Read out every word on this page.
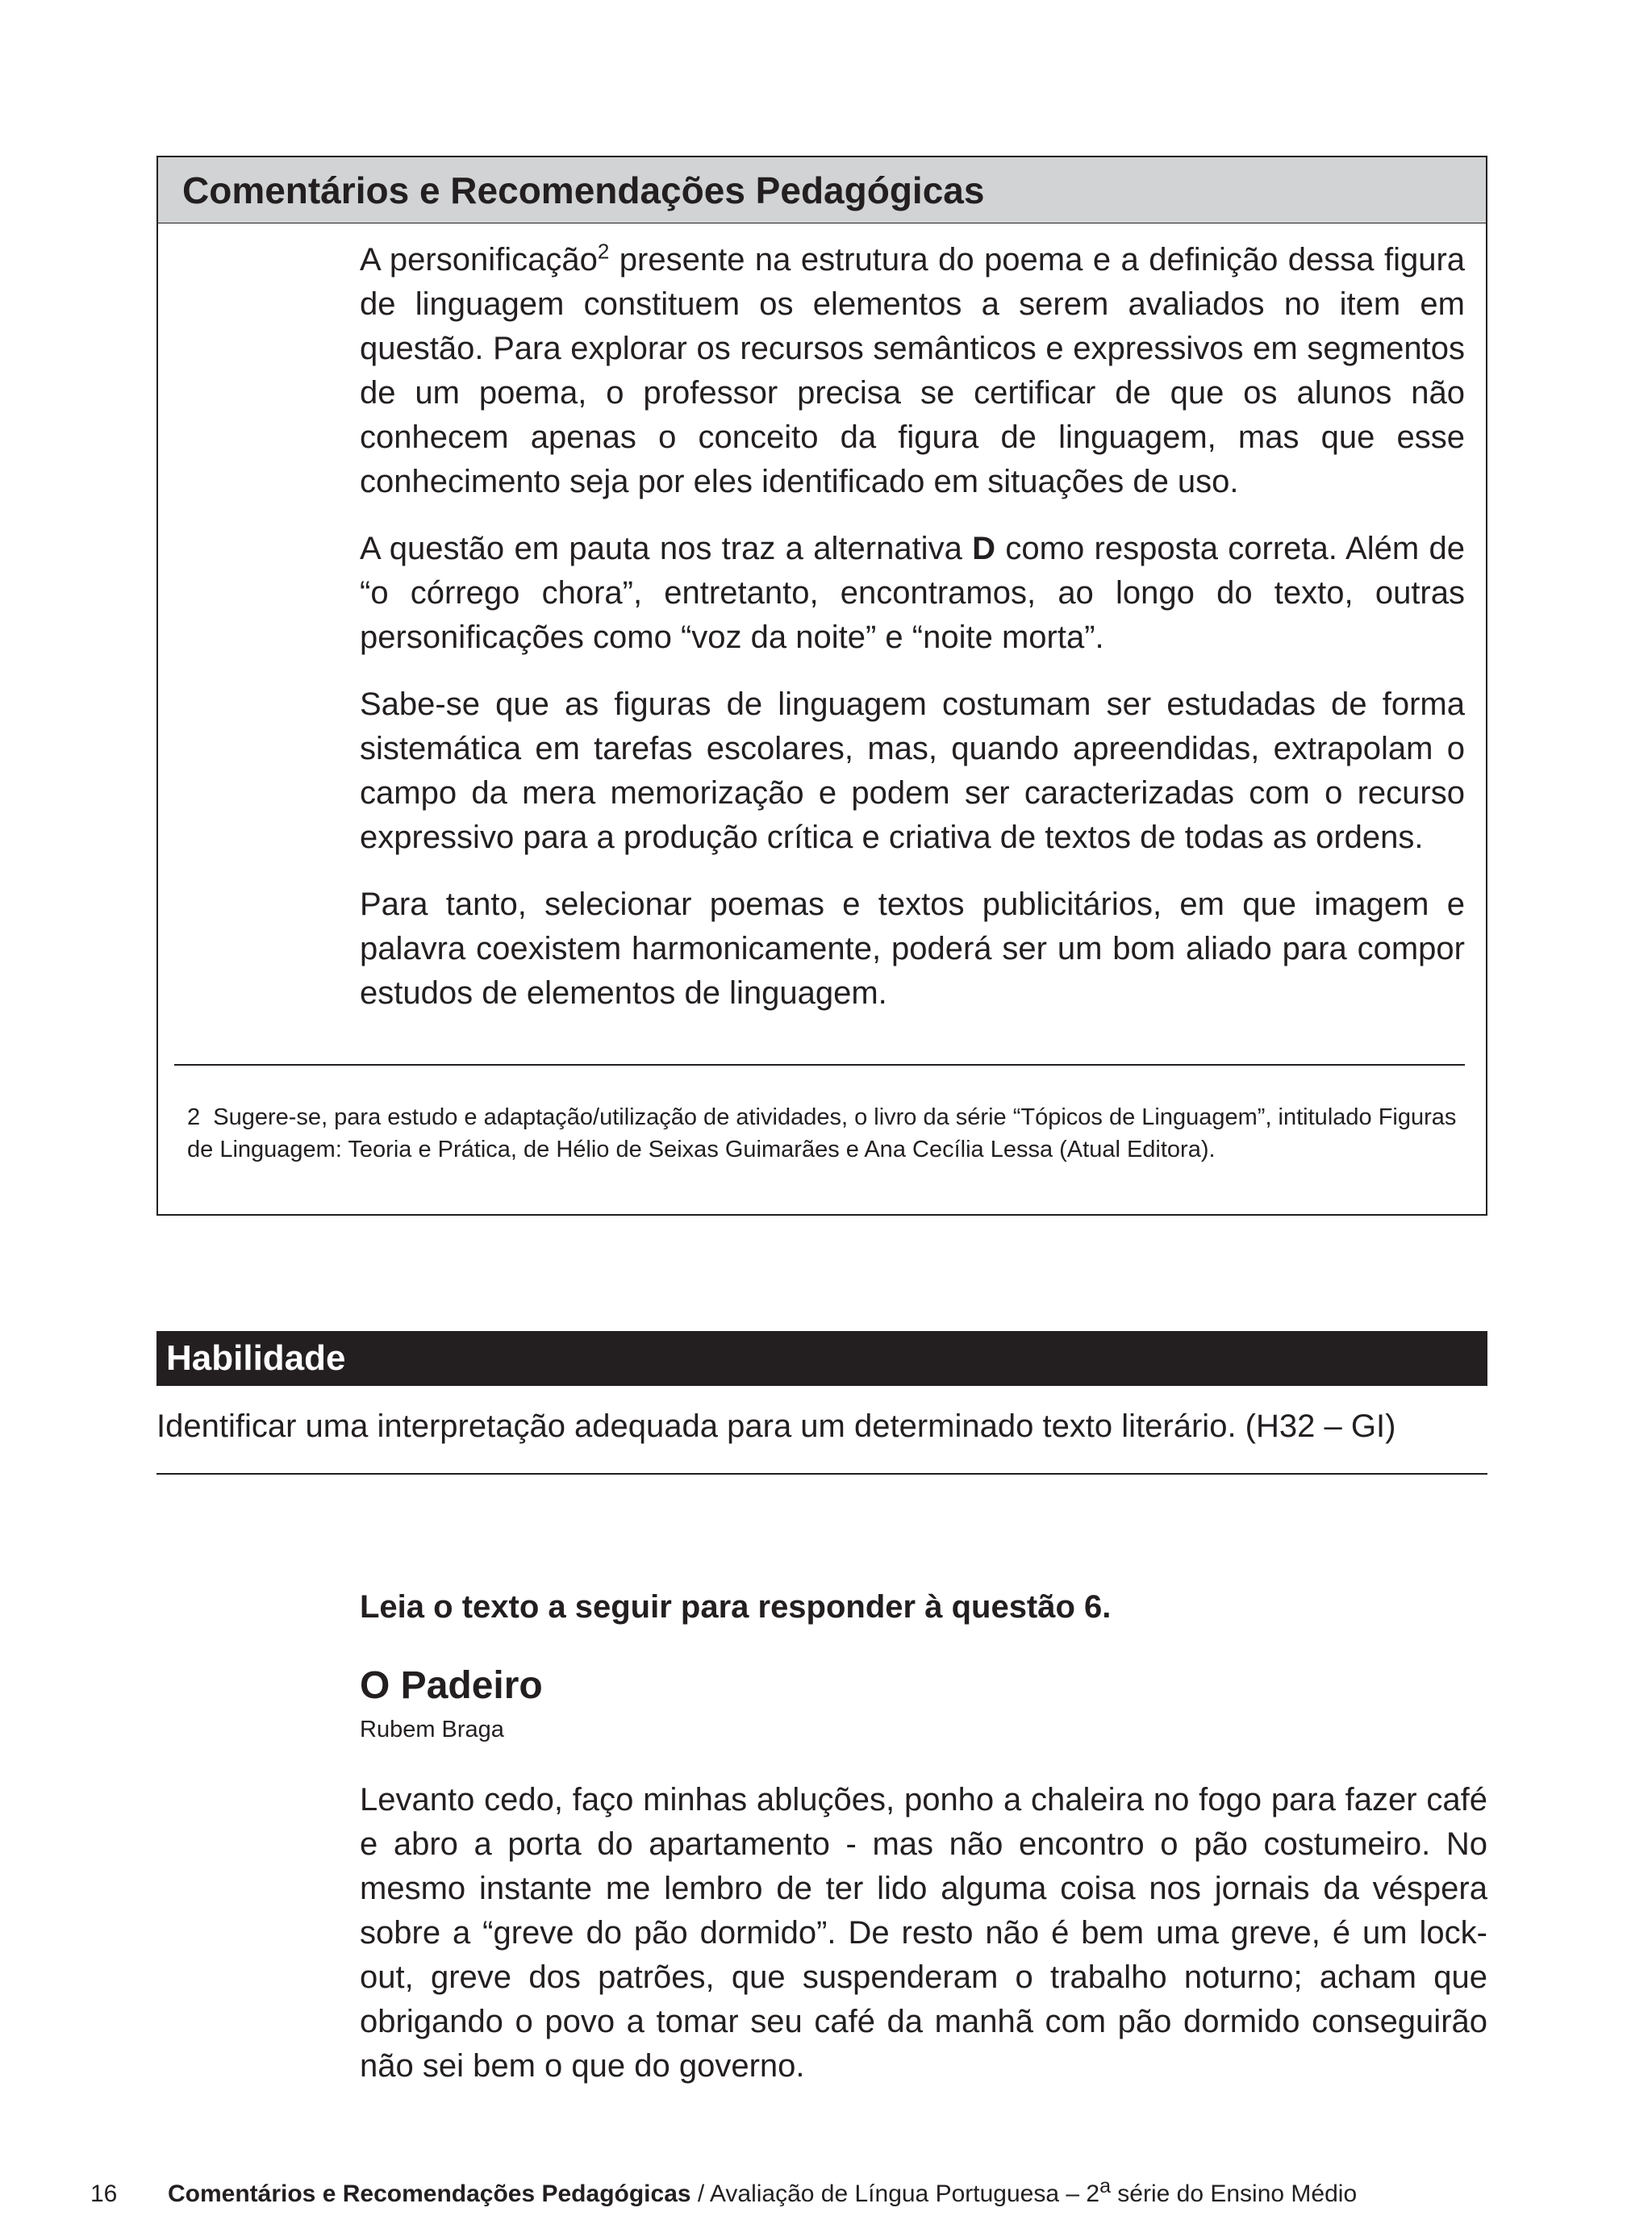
Comentários e Recomendações Pedagógicas

A personificação$^2$ presente na estrutura do poema e a definição dessa figura de linguagem constituem os elementos a serem avaliados no item em questão. Para explorar os recursos semânticos e expressivos em segmentos de um poema, o professor precisa se certificar de que os alunos não conhecem apenas o conceito da figura de linguagem, mas que esse conhecimento seja por eles identificado em situações de uso.

A questão em pauta nos traz a alternativa D como resposta correta. Além de “o córrego chora”, entretanto, encontramos, ao longo do texto, outras personificações como “voz da noite” e “noite morta”.

Sabe-se que as figuras de linguagem costumam ser estudadas de forma sistemática em tarefas escolares, mas, quando apreendidas, extrapolam o campo da mera memorização e podem ser caracterizadas com o recurso expressivo para a produção crítica e criativa de textos de todas as ordens.

Para tanto, selecionar poemas e textos publicitários, em que imagem e palavra coexistem harmonicamente, poderá ser um bom aliado para compor estudos de elementos de linguagem.

2 Sugere-se, para estudo e adaptação/utilização de atividades, o livro da série “Tópicos de Linguagem”, intitulado Figuras de Linguagem: Teoria e Prática, de Hélio de Seixas Guimarães e Ana Cecília Lessa (Atual Editora).
Habilidade
Identificar uma interpretação adequada para um determinado texto literário. (H32 – GI)

Leia o texto a seguir para responder à questão 6.

O Padeiro

Rubem Braga

Levanto cedo, faço minhas abluções, ponho a chaleira no fogo para fazer café e abro a porta do apartamento - mas não encontro o pão costumeiro. No mesmo instante me lembro de ter lido alguma coisa nos jornais da véspera sobre a “greve do pão dormido”. De resto não é bem uma greve, é um lock-out, greve dos patrões, que suspenderam o trabalho noturno; acham que obrigando o povo a tomar seu café da manhã com pão dormido conseguirão não sei bem o que do governo.

16 Comentários e Recomendações Pedagógicas / Avaliação de Língua Portuguesa – 2$^a$ série do Ensino Médio
